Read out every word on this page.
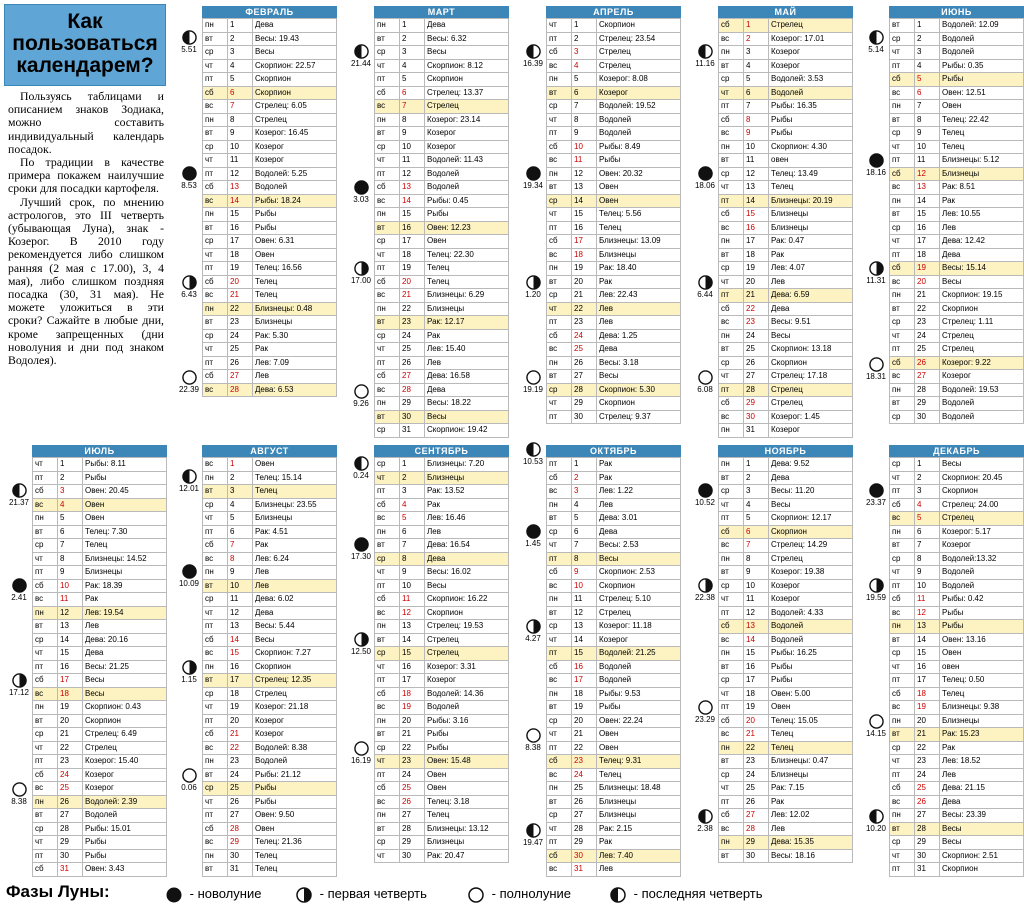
Как пользоваться календарем?

Пользуясь таблицами и описанием знаков Зодиака, можно составить индивидуальный календарь посадок.

По традиции в качестве примера покажем наилучшие сроки для посадки картофеля.

Лучший срок, по мнению астрологов, это III четверть (убывающая Луна), знак - Козерог. В 2010 году рекомендуется либо слишком ранняя (2 мая с 17.00), 3, 4 мая), либо слишком поздняя посадка (30, 31 мая). Не можете уложиться в эти сроки? Сажайте в любые дни, кроме запрещенных (дни новолуния и дни под знаком Водолея).

ФЕВРАЛЬ
пн	1	Дева
вт	2	Весы: 19.43
ср	3	Весы
чт	4	Скорпион: 22.57
пт	5	Скорпион
сб	6	Скорпион
вс	7	Стрелец: 6.05
пн	8	Стрелец
вт	9	Козерог: 16.45
ср	10	Козерог
чт	11	Козерог
пт	12	Водолей: 5.25
сб	13	Водолей
вс	14	Рыбы: 18.24
пн	15	Рыбы
вт	16	Рыбы
ср	17	Овен: 6.31
чт	18	Овен
пт	19	Телец: 16.56
сб	20	Телец
вс	21	Телец
пн	22	Близнецы: 0.48
вт	23	Близнецы
ср	24	Рак: 5.30
чт	25	Рак
пт	26	Лев: 7.09
сб	27	Лев
вс	28	Дева: 6.53
5.51
8.53
6.43
22.39
МАРТ
пн	1	Дева
вт	2	Весы: 6.32
ср	3	Весы
чт	4	Скорпион: 8.12
пт	5	Скорпион
сб	6	Стрелец: 13.37
вс	7	Стрелец
пн	8	Козерог: 23.14
вт	9	Козерог
ср	10	Козерог
чт	11	Водолей: 11.43
пт	12	Водолей
сб	13	Водолей
вс	14	Рыбы: 0.45
пн	15	Рыбы
вт	16	Овен: 12.23
ср	17	Овен
чт	18	Телец: 22.30
пт	19	Телец
сб	20	Телец
вс	21	Близнецы: 6.29
пн	22	Близнецы
вт	23	Рак: 12.17
ср	24	Рак
чт	25	Лев: 15.40
пт	26	Лев
сб	27	Дева: 16.58
вс	28	Дева
пн	29	Весы: 18.22
вт	30	Весы
ср	31	Скорпион: 19.42
21.44
3.03
17.00
9.26
АПРЕЛЬ
чт	1	Скорпион
пт	2	Стрелец: 23.54
сб	3	Стрелец
вс	4	Стрелец
пн	5	Козерог: 8.08
вт	6	Козерог
ср	7	Водолей: 19.52
чт	8	Водолей
пт	9	Водолей
сб	10	Рыбы: 8.49
вс	11	Рыбы
пн	12	Овен: 20.32
вт	13	Овен
ср	14	Овен
чт	15	Телец: 5.56
пт	16	Телец
сб	17	Близнецы: 13.09
вс	18	Близнецы
пн	19	Рак: 18.40
вт	20	Рак
ср	21	Лев: 22.43
чт	22	Лев
пт	23	Лев
сб	24	Дева: 1.25
вс	25	Дева
пн	26	Весы: 3.18
вт	27	Весы
ср	28	Скорпион: 5.30
чт	29	Скорпион
пт	30	Стрелец: 9.37
16.39
19.34
1.20
19.19
МАЙ
сб	1	Стрелец
вс	2	Козерог: 17.01
пн	3	Козерог
вт	4	Козерог
ср	5	Водолей: 3.53
чт	6	Водолей
пт	7	Рыбы: 16.35
сб	8	Рыбы
вс	9	Рыбы
пн	10	Скорпион: 4.30
вт	11	овен
ср	12	Телец: 13.49
чт	13	Телец
пт	14	Близнецы: 20.19
сб	15	Близнецы
вс	16	Близнецы
пн	17	Рак: 0.47
вт	18	Рак
ср	19	Лев: 4.07
чт	20	Лев
пт	21	Дева: 6.59
сб	22	Дева
вс	23	Весы: 9.51
пн	24	Весы
вт	25	Скорпион: 13.18
ср	26	Скорпион
чт	27	Стрелец: 17.18
пт	28	Стрелец
сб	29	Стрелец
вс	30	Козерог: 1.45
пн	31	Козерог
11.16
18.06
6.44
6.08
ИЮНЬ
вт	1	Водолей: 12.09
ср	2	Водолей
чт	3	Водолей
пт	4	Рыбы: 0.35
сб	5	Рыбы
вс	6	Овен: 12.51
пн	7	Овен
вт	8	Телец: 22.42
ср	9	Телец
чт	10	Телец
пт	11	Близнецы: 5.12
сб	12	Близнецы
вс	13	Рак: 8.51
пн	14	Рак
вт	15	Лев: 10.55
ср	16	Лев
чт	17	Дева: 12.42
пт	18	Дева
сб	19	Весы: 15.14
вс	20	Весы
пн	21	Скорпион: 19.15
вт	22	Скорпион
ср	23	Стрелец: 1.11
чт	24	Стрелец
пт	25	Стрелец
сб	26	Козерог: 9.22
вс	27	Козерог
пн	28	Водолей: 19.53
вт	29	Водолей
ср	30	Водолей
5.14
18.16
11.31
18.31
ИЮЛЬ
чт	1	Рыбы: 8.11
пт	2	Рыбы
сб	3	Овен: 20.45
вс	4	Овен
пн	5	Овен
вт	6	Телец: 7.30
ср	7	Телец
чт	8	Близнецы: 14.52
пт	9	Близнецы
сб	10	Рак: 18.39
вс	11	Рак
пн	12	Лев: 19.54
вт	13	Лев
ср	14	Дева: 20.16
чт	15	Дева
пт	16	Весы: 21.25
сб	17	Весы
вс	18	Весы
пн	19	Скорпион: 0.43
вт	20	Скорпион
ср	21	Стрелец: 6.49
чт	22	Стрелец
пт	23	Козерог: 15.40
сб	24	Козерог
вс	25	Козерог
пн	26	Водолей: 2.39
вт	27	Водолей
ср	28	Рыбы: 15.01
чт	29	Рыбы
пт	30	Рыбы
сб	31	Овен: 3.43
21.37
2.41
17.12
8.38
АВГУСТ
вс	1	Овен
пн	2	Телец: 15.14
вт	3	Телец
ср	4	Близнецы: 23.55
чт	5	Близнецы
пт	6	Рак: 4.51
сб	7	Рак
вс	8	Лев: 6.24
пн	9	Лев
вт	10	Лев
ср	11	Дева: 6.02
чт	12	Дева
пт	13	Весы: 5.44
сб	14	Весы
вс	15	Скорпион: 7.27
пн	16	Скорпион
вт	17	Стрелец: 12.35
ср	18	Стрелец
чт	19	Козерог: 21.18
пт	20	Козерог
сб	21	Козерог
вс	22	Водолей: 8.38
пн	23	Водолей
вт	24	Рыбы: 21.12
ср	25	Рыбы
чт	26	Рыбы
пт	27	Овен: 9.50
сб	28	Овен
вс	29	Телец: 21.36
пн	30	Телец
вт	31	Телец
12.01
10.09
1.15
0.06
СЕНТЯБРЬ
ср	1	Близнецы: 7.20
чт	2	Близнецы
пт	3	Рак: 13.52
сб	4	Рак
вс	5	Лев: 16.46
пн	6	Лев
вт	7	Дева: 16.54
ср	8	Дева
чт	9	Весы: 16.02
пт	10	Весы
сб	11	Скорпион: 16.22
вс	12	Скорпион
пн	13	Стрелец: 19.53
вт	14	Стрелец
ср	15	Стрелец
чт	16	Козерог: 3.31
пт	17	Козерог
сб	18	Водолей: 14.36
вс	19	Водолей
пн	20	Рыбы: 3.16
вт	21	Рыбы
ср	22	Рыбы
чт	23	Овен: 15.48
пт	24	Овен
сб	25	Овен
вс	26	Телец: 3.18
пн	27	Телец
вт	28	Близнецы: 13.12
ср	29	Близнецы
чт	30	Рак: 20.47
0.24
17.30
12.50
16.19
ОКТЯБРЬ
пт	1	Рак
сб	2	Рак
вс	3	Лев: 1.22
пн	4	Лев
вт	5	Дева: 3.01
ср	6	Дева
чт	7	Весы: 2.53
пт	8	Весы
сб	9	Скорпион: 2.53
вс	10	Скорпион
пн	11	Стрелец: 5.10
вт	12	Стрелец
ср	13	Козерог: 11.18
чт	14	Козерог
пт	15	Водолей: 21.25
сб	16	Водолей
вс	17	Водолей
пн	18	Рыбы: 9.53
вт	19	Рыбы
ср	20	Овен: 22.24
чт	21	Овен
пт	22	Овен
сб	23	Телец: 9.31
вс	24	Телец
пн	25	Близнецы: 18.48
вт	26	Близнецы
ср	27	Близнецы
чт	28	Рак: 2.15
пт	29	Рак
сб	30	Лев: 7.40
вс	31	Лев
10.53
1.45
4.27
8.38
19.47
НОЯБРЬ
пн	1	Дева: 9.52
вт	2	Дева
ср	3	Весы: 11.20
чт	4	Весы
пт	5	Скорпион: 12.17
сб	6	Скорпион
вс	7	Стрелец: 14.29
пн	8	Стрелец
вт	9	Козерог: 19.38
ср	10	Козерог
чт	11	Козерог
пт	12	Водолей: 4.33
сб	13	Водолей
вс	14	Водолей
пн	15	Рыбы: 16.25
вт	16	Рыбы
ср	17	Рыбы
чт	18	Овен: 5.00
пт	19	Овен
сб	20	Телец: 15.05
вс	21	Телец
пн	22	Телец
вт	23	Близнецы: 0.47
ср	24	Близнецы
чт	25	Рак: 7.15
пт	26	Рак
сб	27	Лев: 12.02
вс	28	Лев
пн	29	Дева: 15.35
вт	30	Весы: 18.16
10.52
22.38
23.29
2.38
ДЕКАБРЬ
ср	1	Весы
чт	2	Скорпион: 20.45
пт	3	Скорпион
сб	4	Стрелец: 24.00
вс	5	Стрелец
пн	6	Козерог: 5.17
вт	7	Козерог
ср	8	Водолей:13.32
чт	9	Водолей
пт	10	Водолей
сб	11	Рыбы: 0.42
вс	12	Рыбы
пн	13	Рыбы
вт	14	Овен: 13.16
ср	15	Овен
чт	16	овен
пт	17	Телец: 0.50
сб	18	Телец
вс	19	Близнецы: 9.38
пн	20	Близнецы
вт	21	Рак: 15.23
ср	22	Рак
чт	23	Лев: 18.52
пт	24	Лев
сб	25	Дева: 21.15
вс	26	Дева
пн	27	Весы: 23.39
вт	28	Весы
ср	29	Весы
чт	30	Скорпион: 2.51
пт	31	Скорпион
23.37
19.59
14.15
10.20
Фазы Луны:	- новолуние	- первая четверть	- полнолуние	- последняя четверть
